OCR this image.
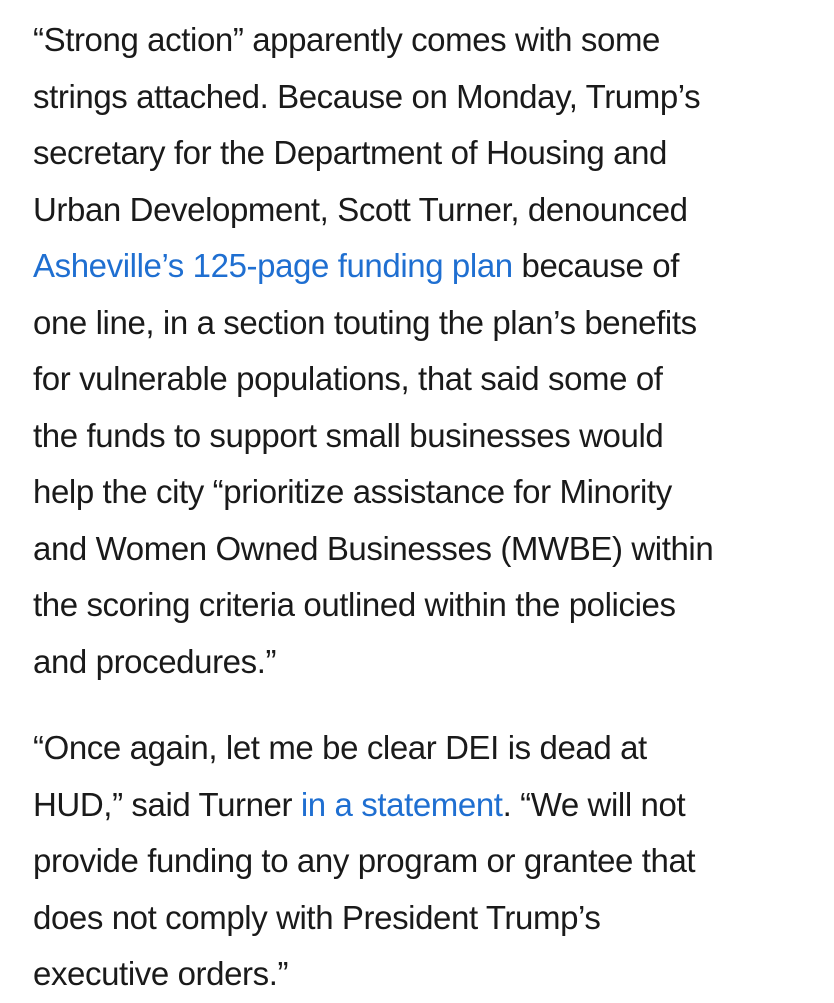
“Strong action” apparently comes with some
strings attached. Because on Monday, Trump’s
secretary for the Department of Housing and
Urban Development, Scott Turner, denounced
Asheville’s 125-page funding plan because of
one line, in a section touting the plan’s benefits
for vulnerable populations, that said some of
the funds to support small businesses would
help the city “prioritize assistance for Minority
and Women Owned Businesses (MWBE) within
the scoring criteria outlined within the policies
and procedures.”

“Once again, let me be clear DEI is dead at
HUD,” said Turner in a statement. “We will not
provide funding to any program or grantee that
does not comply with President Trump’s
executive orders.”
